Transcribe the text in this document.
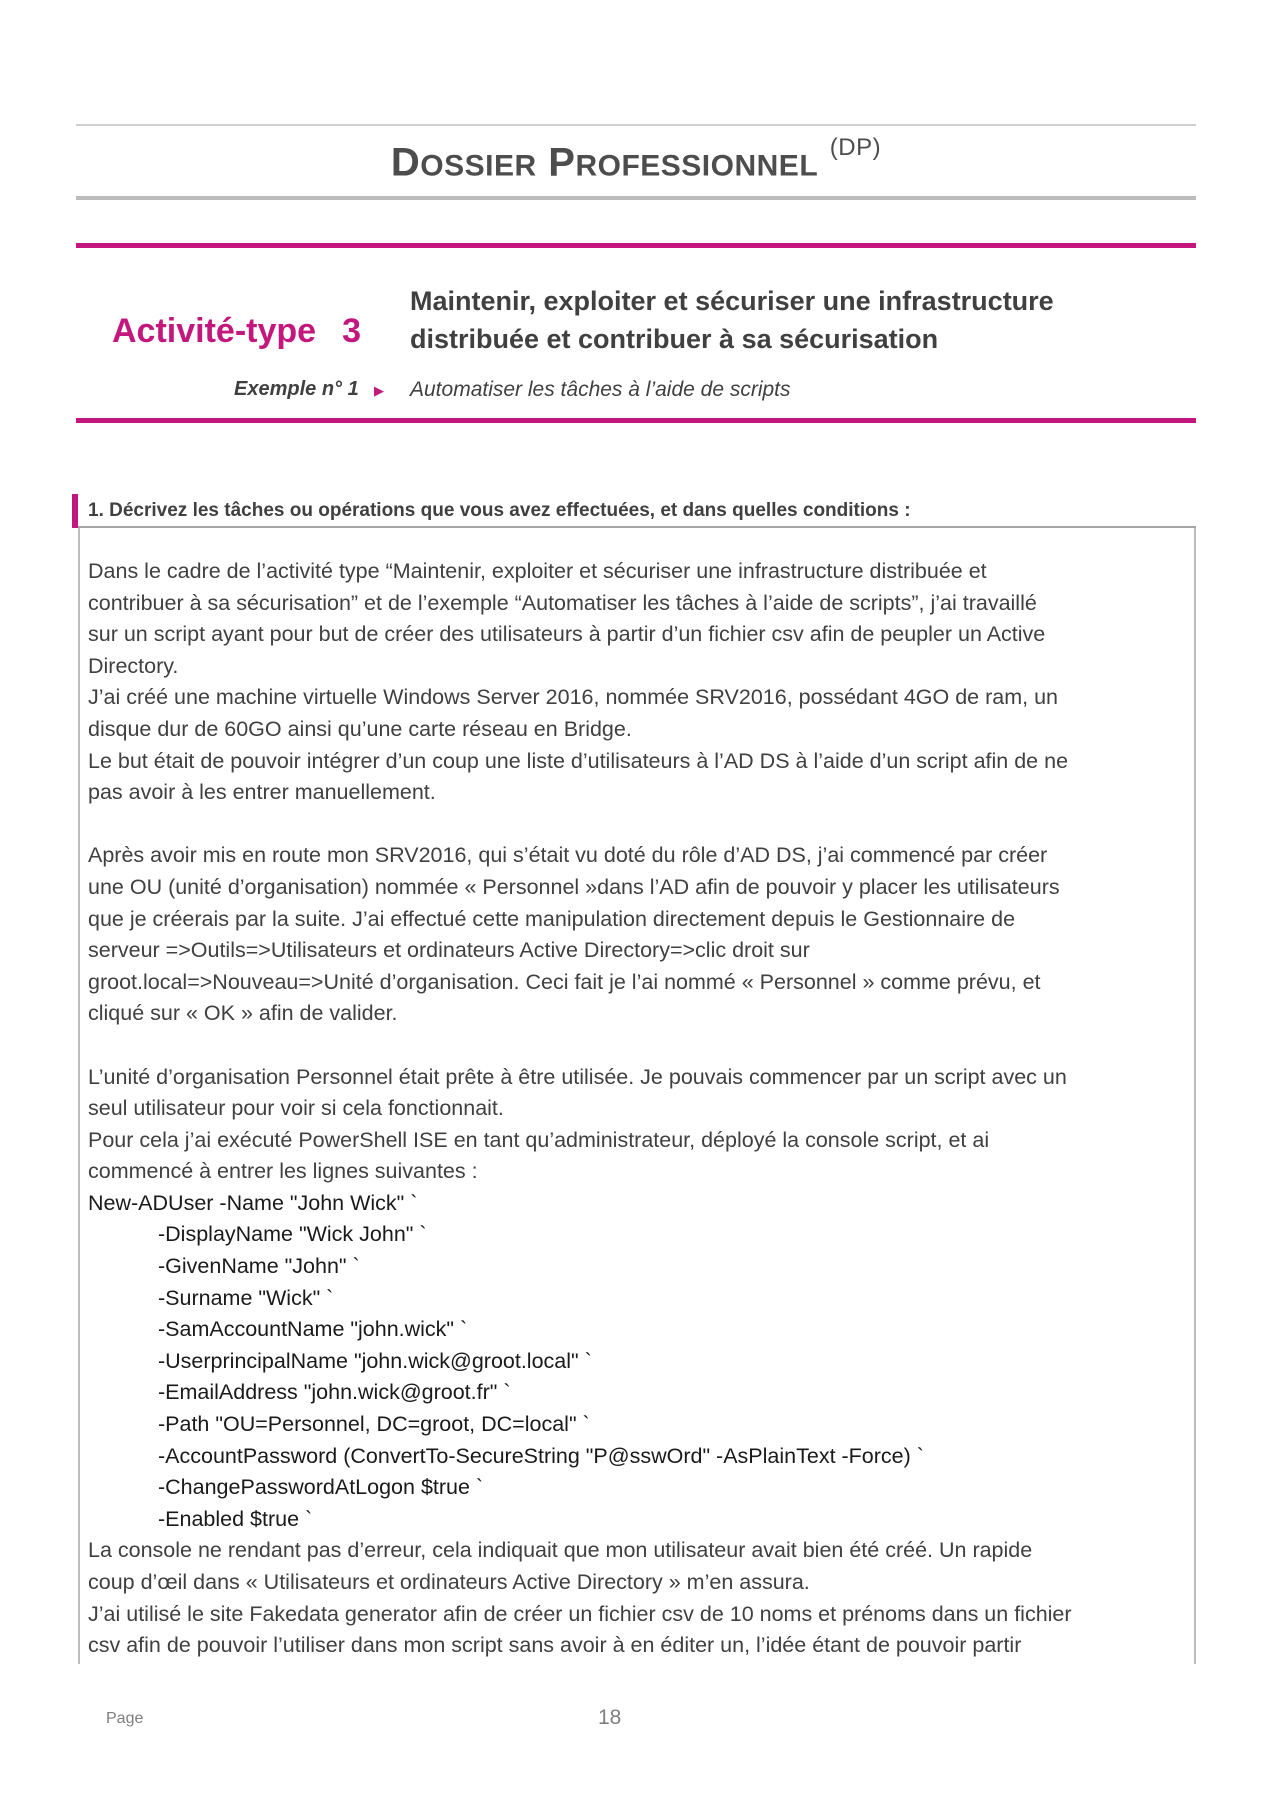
DOSSIER PROFESSIONNEL $^{(DP)}$
Activité-type 3
Maintenir, exploiter et sécuriser une infrastructure
distribuée et contribuer à sa sécurisation
Exemple n° 1 ▶ Automatiser les tâches à l’aide de scripts
1. Décrivez les tâches ou opérations que vous avez effectuées, et dans quelles conditions :

Dans le cadre de l’activité type “Maintenir, exploiter et sécuriser une infrastructure distribuée et

contribuer à sa sécurisation” et de l’exemple “Automatiser les tâches à l’aide de scripts”, j’ai travaillé

sur un script ayant pour but de créer des utilisateurs à partir d’un fichier csv afin de peupler un Active

Directory.

J’ai créé une machine virtuelle Windows Server 2016, nommée SRV2016, possédant 4GO de ram, un

disque dur de 60GO ainsi qu’une carte réseau en Bridge.

Le but était de pouvoir intégrer d’un coup une liste d’utilisateurs à l’AD DS à l’aide d’un script afin de ne

pas avoir à les entrer manuellement.

Après avoir mis en route mon SRV2016, qui s’était vu doté du rôle d’AD DS, j’ai commencé par créer

une OU (unité d’organisation) nommée « Personnel »dans l’AD afin de pouvoir y placer les utilisateurs

que je créerais par la suite. J’ai effectué cette manipulation directement depuis le Gestionnaire de

serveur =>Outils=>Utilisateurs et ordinateurs Active Directory=>clic droit sur

groot.local=>Nouveau=>Unité d’organisation. Ceci fait je l’ai nommé « Personnel » comme prévu, et

cliqué sur « OK » afin de valider.

L’unité d’organisation Personnel était prête à être utilisée. Je pouvais commencer par un script avec un

seul utilisateur pour voir si cela fonctionnait.

Pour cela j’ai exécuté PowerShell ISE en tant qu’administrateur, déployé la console script, et ai

commencé à entrer les lignes suivantes :

New-ADUser -Name "John Wick" `

-DisplayName "Wick John" `

-GivenName "John" `

-Surname "Wick" `

-SamAccountName "john.wick" `

-UserprincipalName "john.wick@groot.local" `

-EmailAddress "john.wick@groot.fr" `

-Path "OU=Personnel, DC=groot, DC=local" `

-AccountPassword (ConvertTo-SecureString "P@sswOrd" -AsPlainText -Force) `

-ChangePasswordAtLogon $true `

-Enabled $true `

La console ne rendant pas d’erreur, cela indiquait que mon utilisateur avait bien été créé. Un rapide

coup d’œil dans « Utilisateurs et ordinateurs Active Directory » m’en assura.

J’ai utilisé le site Fakedata generator afin de créer un fichier csv de 10 noms et prénoms dans un fichier

csv afin de pouvoir l’utiliser dans mon script sans avoir à en éditer un, l’idée étant de pouvoir partir

Page	18
